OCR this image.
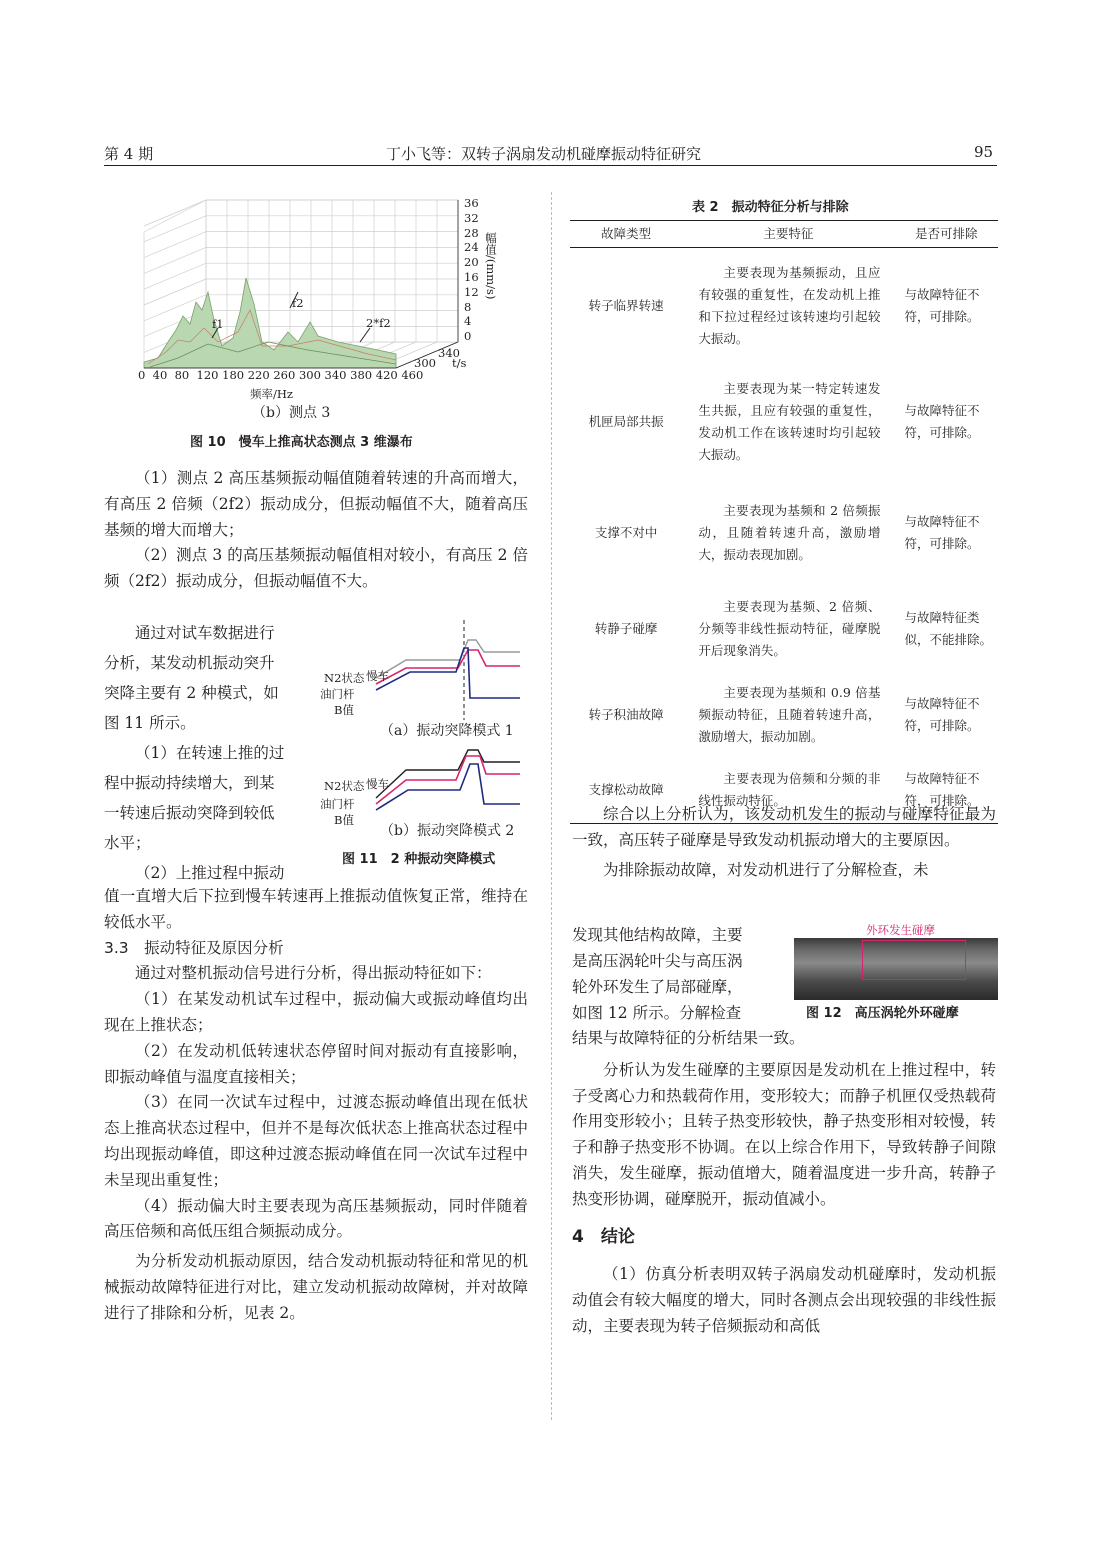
第 4 期	丁小飞等：双转子涡扇发动机碰摩振动特征研究	95
36
32
28
24
20
16
12
8
4
0
幅值/(mm/s)
f1
f2
2*f2
340
300 t/s
0  40  80  120 180 220 260 300 340 380 420 460
频率/Hz
（b）测点 3
图 10　慢车上推高状态测点 3 维瀑布

（1）测点 2 高压基频振动幅值随着转速的升高而增大，有高压 2 倍频（2f2）振动成分，但振动幅值不大，随着高压基频的增大而增大；

（2）测点 3 的高压基频振动幅值相对较小，有高压 2 倍频（2f2）振动成分，但振动幅值不大。

通过对试车数据进行
分析，某发动机振动突升
突降主要有 2 种模式，如
图 11 所示。
（1）在转速上推的过
程中振动持续增大，到某
一转速后振动突降到较低
水平；
（2）上推过程中振动
N2状态 慢车
油门杆
B值
（a）振动突降模式 1
N2状态 慢车
油门杆
B值
（b）振动突降模式 2
图 11　2 种振动突降模式

值一直增大后下拉到慢车转速再上推振动值恢复正常，维持在较低水平。

3.3　振动特征及原因分析

通过对整机振动信号进行分析，得出振动特征如下：

（1）在某发动机试车过程中，振动偏大或振动峰值均出现在上推状态；

（2）在发动机低转速状态停留时间对振动有直接影响，即振动峰值与温度直接相关；

（3）在同一次试车过程中，过渡态振动峰值出现在低状态上推高状态过程中，但并不是每次低状态上推高状态过程中均出现振动峰值，即这种过渡态振动峰值在同一次试车过程中未呈现出重复性；

（4）振动偏大时主要表现为高压基频振动，同时伴随着高压倍频和高低压组合频振动成分。

为分析发动机振动原因，结合发动机振动特征和常见的机械振动故障特征进行对比，建立发动机振动故障树，并对故障进行了排除和分析，见表 2。

表 2　振动特征分析与排除
故障类型	主要特征	是否可排除
转子临界转速	主要表现为基频振动，且应有较强的重复性，在发动机上推和下拉过程经过该转速均引起较大振动。	与故障特征不符，可排除。
机匣局部共振	主要表现为某一特定转速发生共振，且应有较强的重复性，发动机工作在该转速时均引起较大振动。	与故障特征不符，可排除。
支撑不对中	主要表现为基频和 2 倍频振动，且随着转速升高，激励增大，振动表现加剧。	与故障特征不符，可排除。
转静子碰摩	主要表现为基频、2 倍频、分频等非线性振动特征，碰摩脱开后现象消失。	与故障特征类似，不能排除。
转子积油故障	主要表现为基频和 0.9 倍基频振动特征，且随着转速升高，激励增大，振动加剧。	与故障特征不符，可排除。
支撑松动故障	主要表现为倍频和分频的非线性振动特征。	与故障特征不符，可排除。

综合以上分析认为，该发动机发生的振动与碰摩特征最为一致，高压转子碰摩是导致发动机振动增大的主要原因。

为排除振动故障，对发动机进行了分解检查，未

发现其他结构故障，主要
是高压涡轮叶尖与高压涡
轮外环发生了局部碰摩，
如图 12 所示。分解检查
外环发生碰摩
图 12　高压涡轮外环碰摩

结果与故障特征的分析结果一致。

分析认为发生碰摩的主要原因是发动机在上推过程中，转子受离心力和热载荷作用，变形较大；而静子机匣仅受热载荷作用变形较小；且转子热变形较快，静子热变形相对较慢，转子和静子热变形不协调。在以上综合作用下，导致转静子间隙消失，发生碰摩，振动值增大，随着温度进一步升高，转静子热变形协调，碰摩脱开，振动值减小。

4　结论

（1）仿真分析表明双转子涡扇发动机碰摩时，发动机振动值会有较大幅度的增大，同时各测点会出现较强的非线性振动，主要表现为转子倍频振动和高低
